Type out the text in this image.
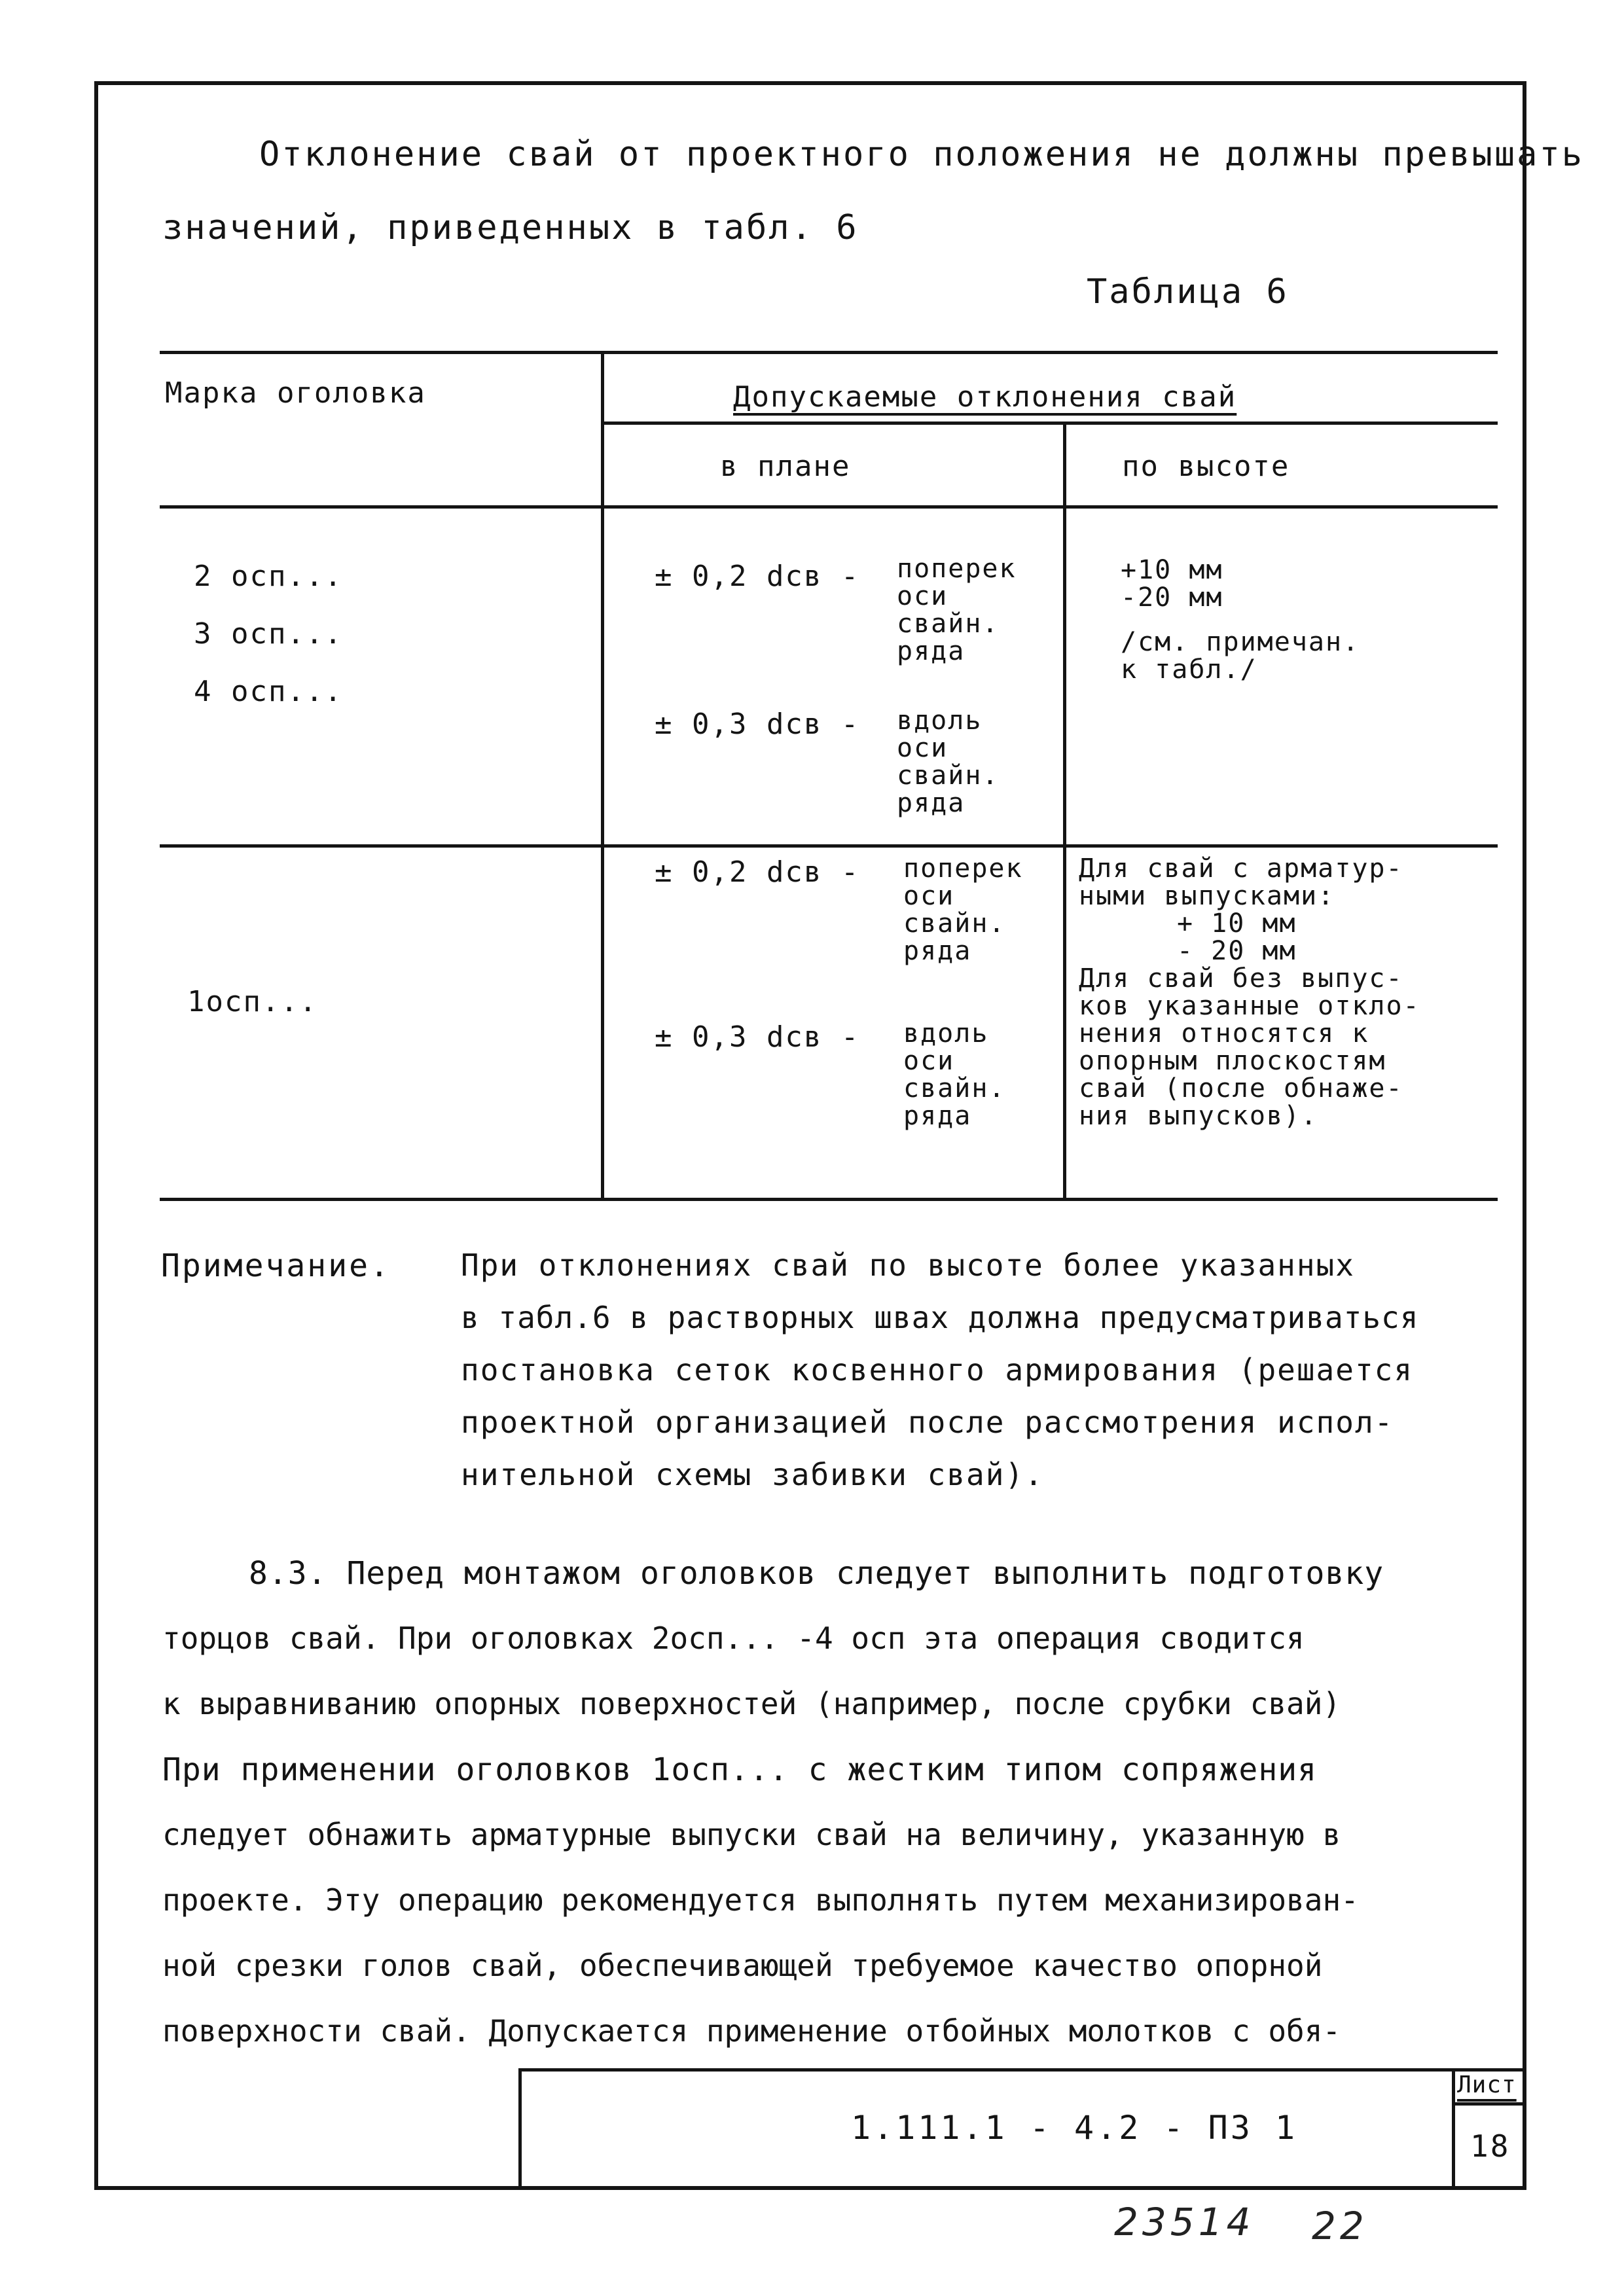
Отклонение свай от проектного положения не должны превышать
значений, приведенных в табл. 6
Таблица 6
Марка оголовка	Допускаемые отклонения свай
в плане	по высоте
2 осп...
3 осп...
4 осп...
± 0,2 dсв - поперек
оси
свайн.
ряда
± 0,3 dсв - вдоль
оси
свайн.
ряда
+10 мм
-20 мм
/см. примечан.
к табл./
1осп...
± 0,2 dсв - поперек
оси
свайн.
ряда
± 0,3 dсв - вдоль
оси
свайн.
ряда
Для свай с арматур-
ными выпусками:
+ 10 мм
- 20 мм
Для свай без выпус-
ков указанные откло-
нения относятся к
опорным плоскостям
свай (после обнаже-
ния выпусков).
Примечание. При отклонениях свай по высоте более указанных
в табл.6 в растворных швах должна предусматриваться
постановка сеток косвенного армирования (решается
проектной организацией после рассмотрения испол-
нительной схемы забивки свай).
8.3. Перед монтажом оголовков следует выполнить подготовку
торцов свай. При оголовках 2осп... -4 осп эта операция сводится
к выравниванию опорных поверхностей (например, после срубки свай)
При применении оголовков 1осп... с жестким типом сопряжения
следует обнажить арматурные выпуски свай на величину, указанную в
проекте. Эту операцию рекомендуется выполнять путем механизирован-
ной срезки голов свай, обеспечивающей требуемое качество опорной
поверхности свай. Допускается применение отбойных молотков с обя-
1.111.1 - 4.2 - ПЗ 1
Лист
18
23514 22
